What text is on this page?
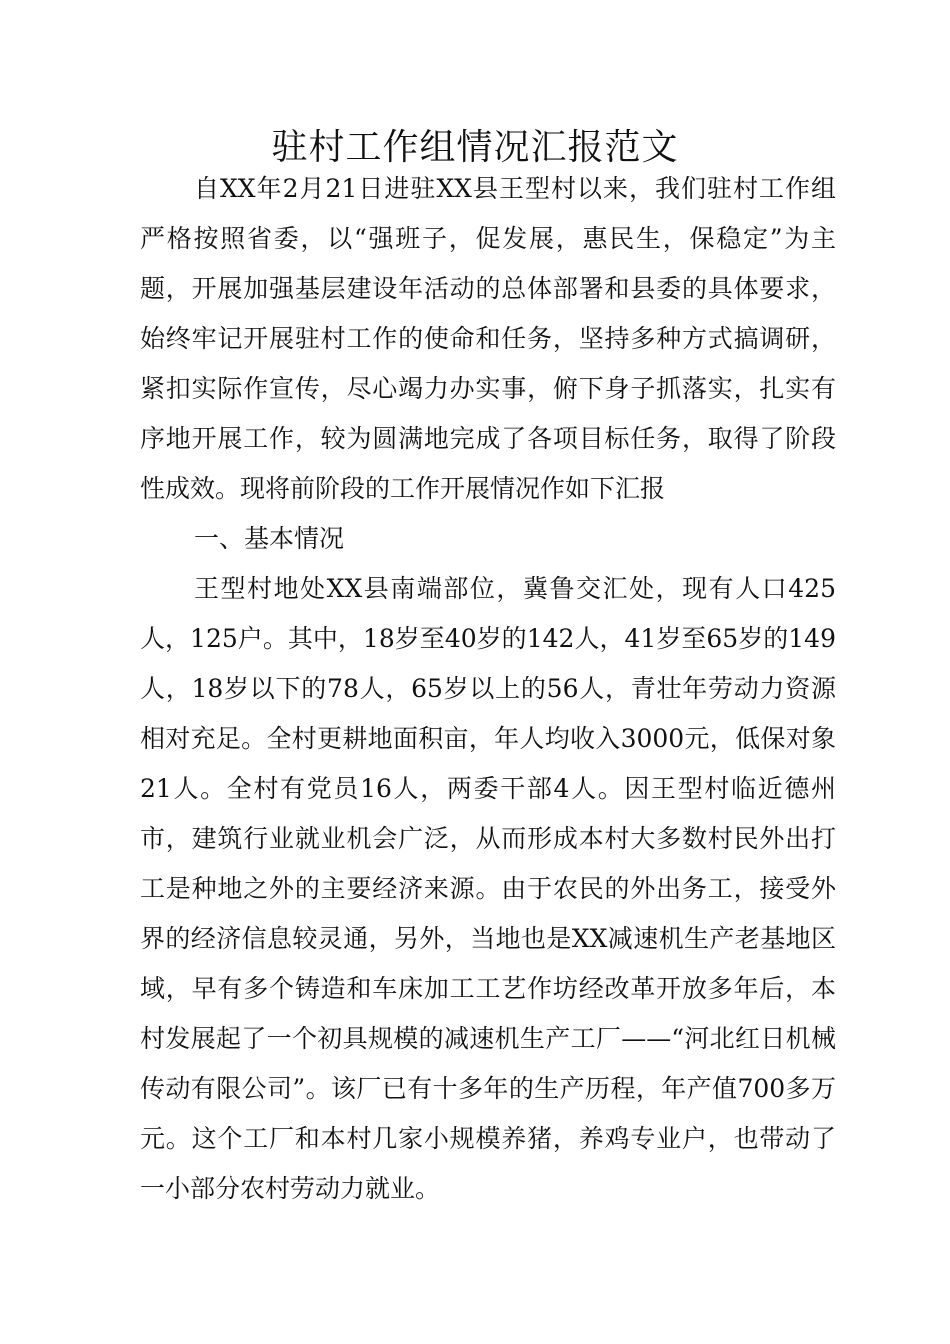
驻村工作组情况汇报范文

自XX年2月21日进驻XX县王型村以来，我们驻村工作组严格按照省委，以“强班子，促发展，惠民生，保稳定”为主题，开展加强基层建设年活动的总体部署和县委的具体要求，始终牢记开展驻村工作的使命和任务，坚持多种方式搞调研，紧扣实际作宣传，尽心竭力办实事，俯下身子抓落实，扎实有序地开展工作，较为圆满地完成了各项目标任务，取得了阶段性成效。现将前阶段的工作开展情况作如下汇报

一、基本情况

王型村地处XX县南端部位，冀鲁交汇处，现有人口425人，125户。其中，18岁至40岁的142人，41岁至65岁的149人，18岁以下的78人，65岁以上的56人，青壮年劳动力资源相对充足。全村更耕地面积亩，年人均收入3000元，低保对象21人。全村有党员16人，两委干部4人。因王型村临近德州市，建筑行业就业机会广泛，从而形成本村大多数村民外出打工是种地之外的主要经济来源。由于农民的外出务工，接受外界的经济信息较灵通，另外，当地也是XX减速机生产老基地区域，早有多个铸造和车床加工工艺作坊经改革开放多年后，本村发展起了一个初具规模的减速机生产工厂——“河北红日机械传动有限公司”。该厂已有十多年的生产历程，年产值700多万元。这个工厂和本村几家小规模养猪，养鸡专业户，也带动了一小部分农村劳动力就业。
